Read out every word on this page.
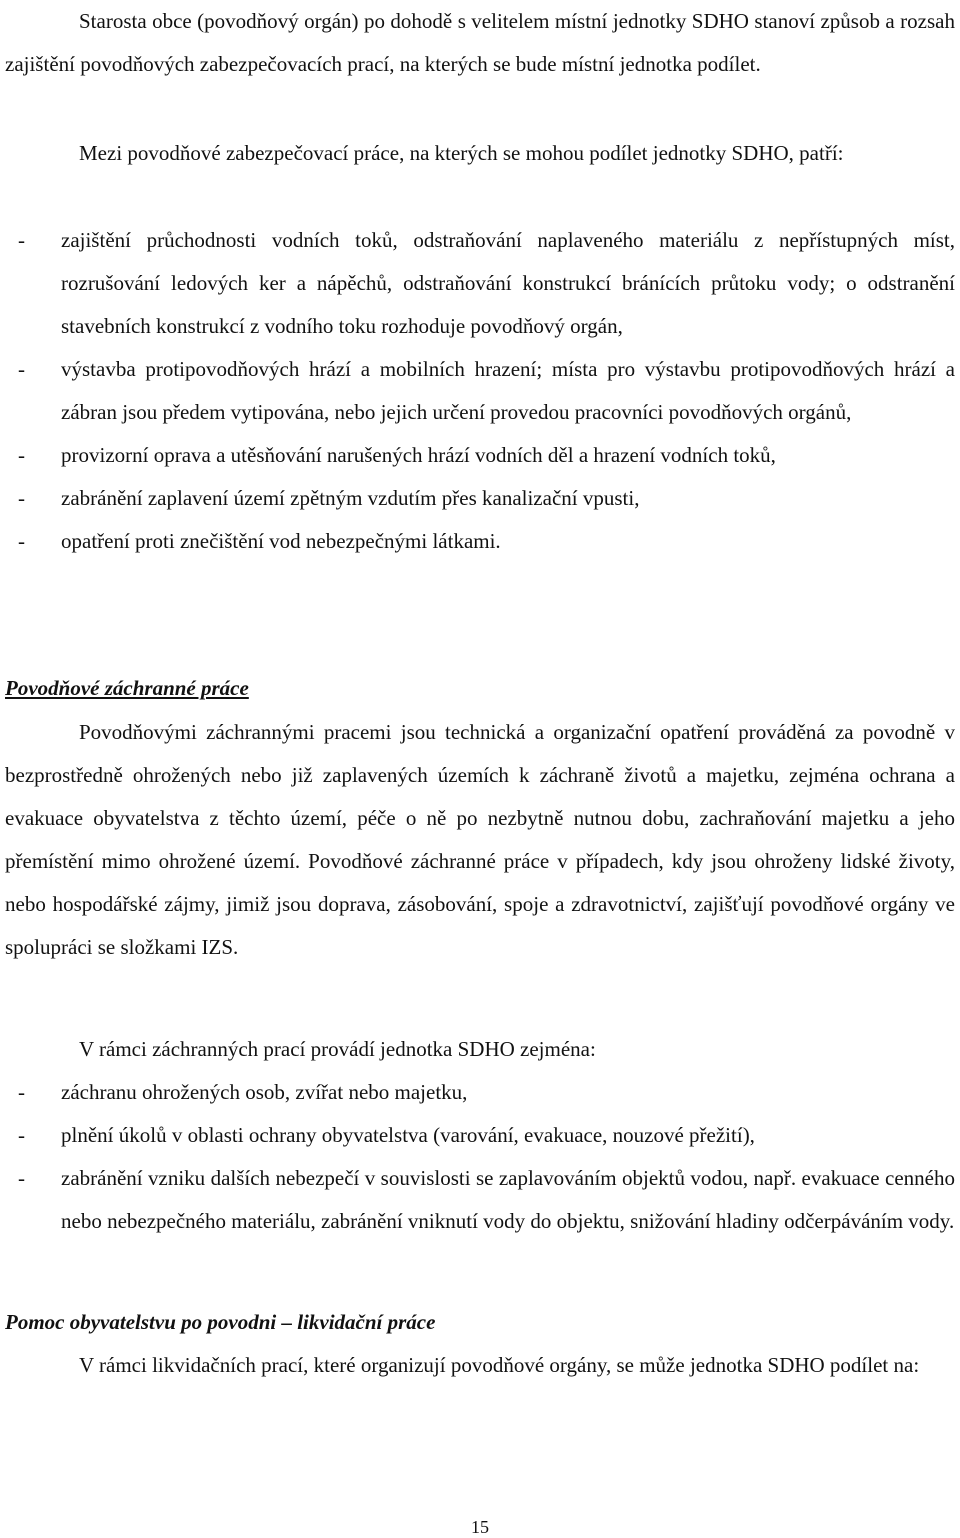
Starosta obce (povodňový orgán) po dohodě s velitelem místní jednotky SDHO stanoví způsob a rozsah zajištění povodňových zabezpečovacích prací, na kterých se bude místní jednotka podílet.

Mezi povodňové zabezpečovací práce, na kterých se mohou podílet jednotky SDHO, patří:

- zajištění průchodnosti vodních toků, odstraňování naplaveného materiálu z nepřístupných míst, rozrušování ledových ker a nápěchů, odstraňování konstrukcí bránících průtoku vody; o odstranění stavebních konstrukcí z vodního toku rozhoduje povodňový orgán,
- výstavba protipovodňových hrází a mobilních hrazení; místa pro výstavbu protipovodňových hrází a zábran jsou předem vytipována, nebo jejich určení provedou pracovníci povodňových orgánů,
- provizorní oprava a utěsňování narušených hrází vodních děl a hrazení vodních toků,
- zabránění zaplavení území zpětným vzdutím přes kanalizační vpusti,
- opatření proti znečištění vod nebezpečnými látkami.
Povodňové záchranné práce

Povodňovými záchrannými pracemi jsou technická a organizační opatření prováděná za povodně v bezprostředně ohrožených nebo již zaplavených územích k záchraně životů a majetku, zejména ochrana a evakuace obyvatelstva z těchto území, péče o ně po nezbytně nutnou dobu, zachraňování majetku a jeho přemístění mimo ohrožené území. Povodňové záchranné práce v případech, kdy jsou ohroženy lidské životy, nebo hospodářské zájmy, jimiž jsou doprava, zásobování, spoje a zdravotnictví, zajišťují povodňové orgány ve spolupráci se složkami IZS.

V rámci záchranných prací provádí jednotka SDHO zejména:

- záchranu ohrožených osob, zvířat nebo majetku,
- plnění úkolů v oblasti ochrany obyvatelstva (varování, evakuace, nouzové přežití),
- zabránění vzniku dalších nebezpečí v souvislosti se zaplavováním objektů vodou, např. evakuace cenného nebo nebezpečného materiálu, zabránění vniknutí vody do objektu, snižování hladiny odčerpáváním vody.
Pomoc obyvatelstvu po povodni – likvidační práce

V rámci likvidačních prací, které organizují povodňové orgány, se může jednotka SDHO podílet na:

15
